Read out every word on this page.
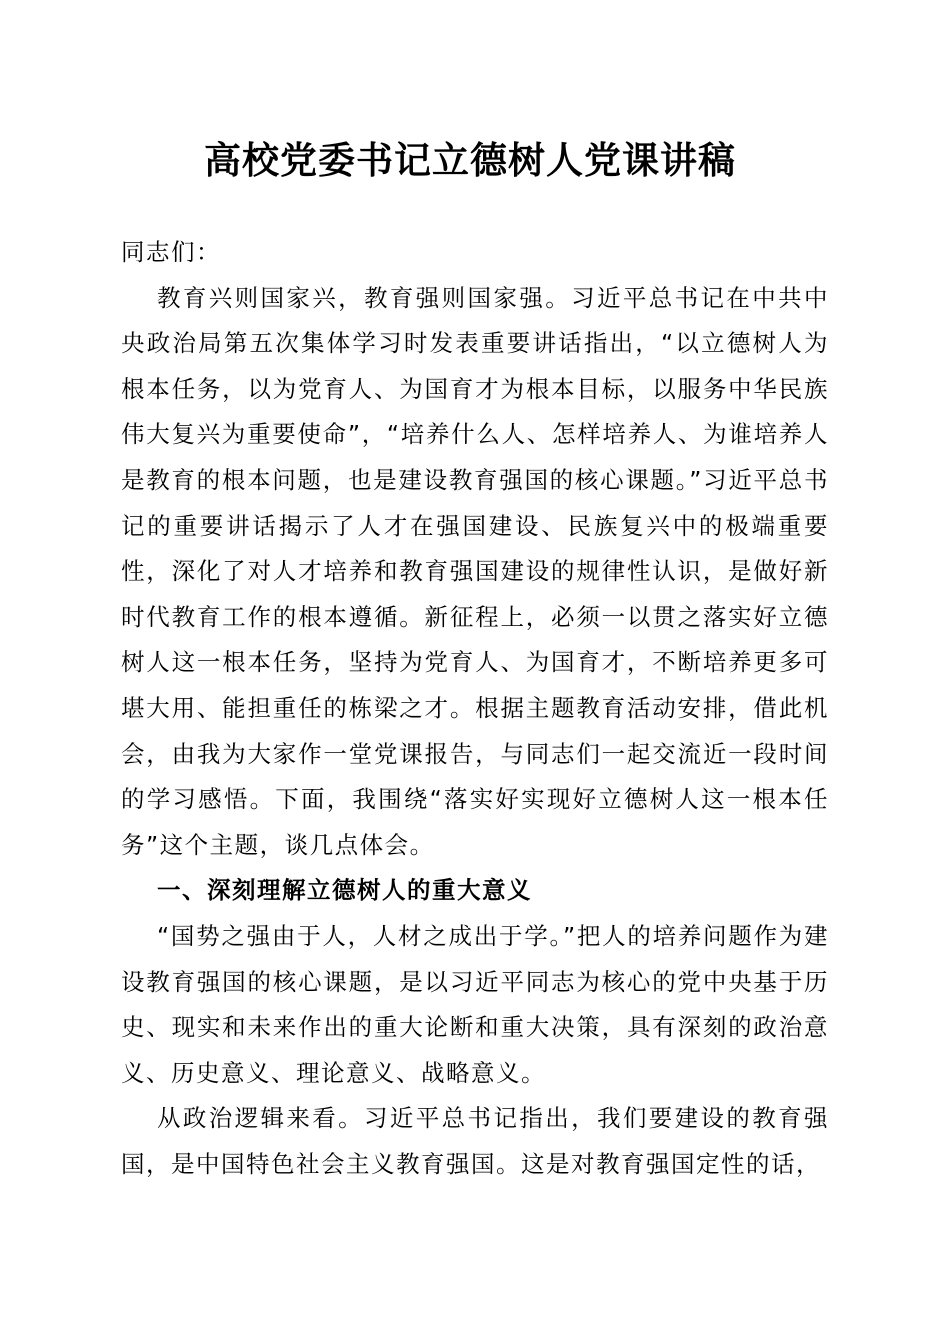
高校党委书记立德树人党课讲稿

同志们：

教育兴则国家兴，教育强则国家强。习近平总书记在中共中央政治局第五次集体学习时发表重要讲话指出，“以立德树人为根本任务，以为党育人、为国育才为根本目标，以服务中华民族伟大复兴为重要使命”，“培养什么人、怎样培养人、为谁培养人是教育的根本问题，也是建设教育强国的核心课题。”习近平总书记的重要讲话揭示了人才在强国建设、民族复兴中的极端重要性，深化了对人才培养和教育强国建设的规律性认识，是做好新时代教育工作的根本遵循。新征程上，必须一以贯之落实好立德树人这一根本任务，坚持为党育人、为国育才，不断培养更多可堪大用、能担重任的栋梁之才。根据主题教育活动安排，借此机会，由我为大家作一堂党课报告，与同志们一起交流近一段时间的学习感悟。下面，我围绕“落实好实现好立德树人这一根本任务”这个主题，谈几点体会。

一、深刻理解立德树人的重大意义

“国势之强由于人，人材之成出于学。”把人的培养问题作为建设教育强国的核心课题，是以习近平同志为核心的党中央基于历史、现实和未来作出的重大论断和重大决策，具有深刻的政治意义、历史意义、理论意义、战略意义。

从政治逻辑来看。习近平总书记指出，我们要建设的教育强国，是中国特色社会主义教育强国。这是对教育强国定性的话，
